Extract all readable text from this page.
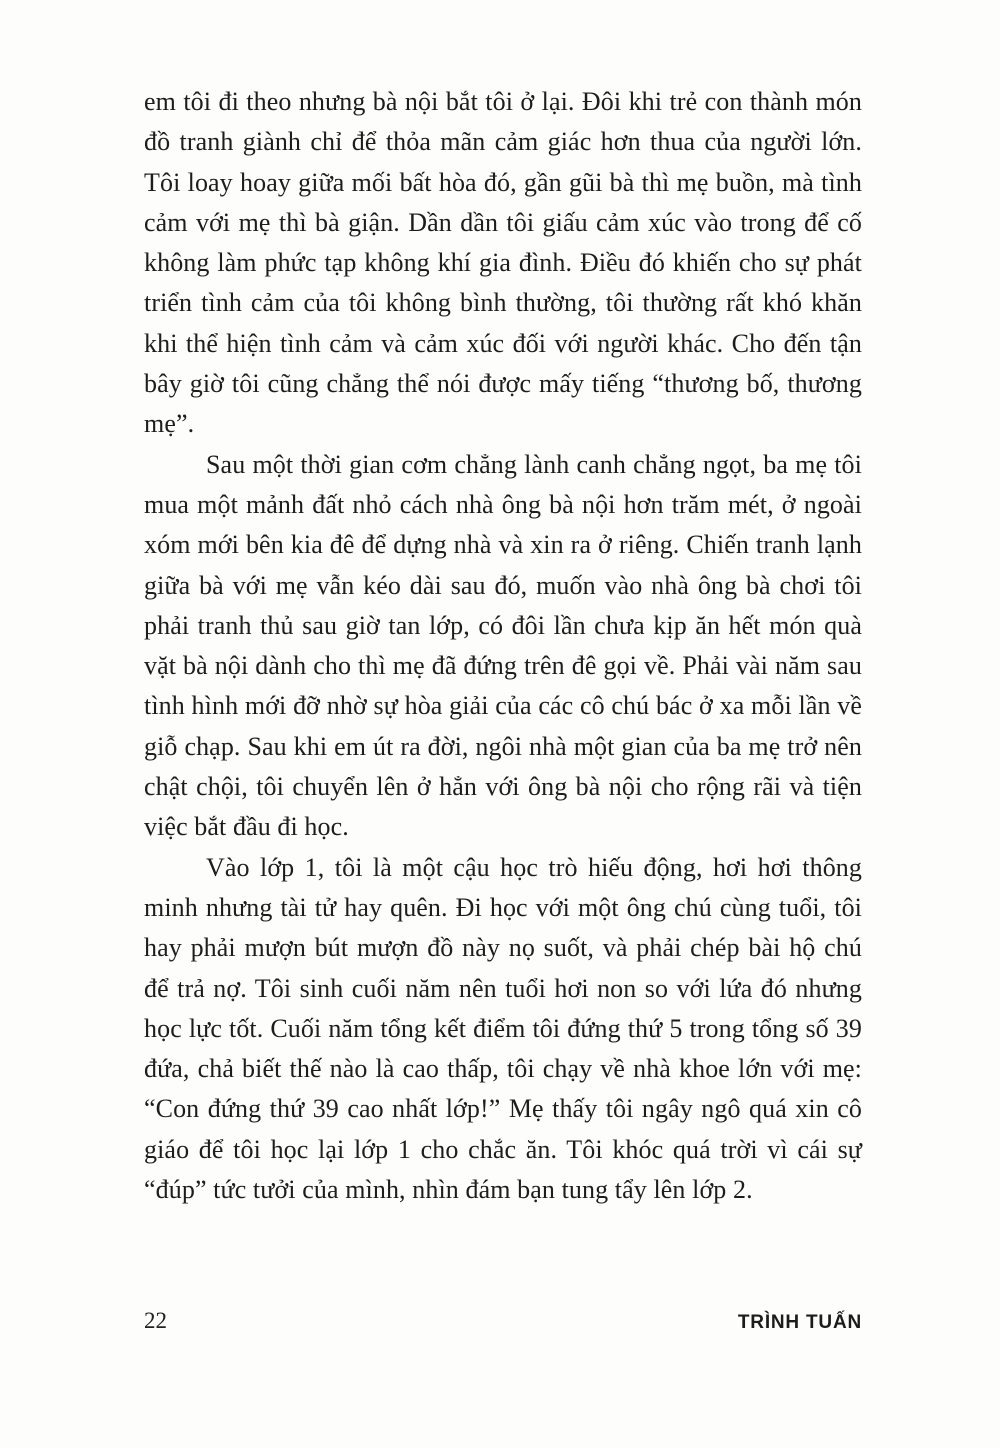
em tôi đi theo nhưng bà nội bắt tôi ở lại. Đôi khi trẻ con thành món đồ tranh giành chỉ để thỏa mãn cảm giác hơn thua của người lớn. Tôi loay hoay giữa mối bất hòa đó, gần gũi bà thì mẹ buồn, mà tình cảm với mẹ thì bà giận. Dần dần tôi giấu cảm xúc vào trong để cố không làm phức tạp không khí gia đình. Điều đó khiến cho sự phát triển tình cảm của tôi không bình thường, tôi thường rất khó khăn khi thể hiện tình cảm và cảm xúc đối với người khác. Cho đến tận bây giờ tôi cũng chẳng thể nói được mấy tiếng “thương bố, thương mẹ”.

Sau một thời gian cơm chẳng lành canh chẳng ngọt, ba mẹ tôi mua một mảnh đất nhỏ cách nhà ông bà nội hơn trăm mét, ở ngoài xóm mới bên kia đê để dựng nhà và xin ra ở riêng. Chiến tranh lạnh giữa bà với mẹ vẫn kéo dài sau đó, muốn vào nhà ông bà chơi tôi phải tranh thủ sau giờ tan lớp, có đôi lần chưa kịp ăn hết món quà vặt bà nội dành cho thì mẹ đã đứng trên đê gọi về. Phải vài năm sau tình hình mới đỡ nhờ sự hòa giải của các cô chú bác ở xa mỗi lần về giỗ chạp. Sau khi em út ra đời, ngôi nhà một gian của ba mẹ trở nên chật chội, tôi chuyển lên ở hẳn với ông bà nội cho rộng rãi và tiện việc bắt đầu đi học.

Vào lớp 1, tôi là một cậu học trò hiếu động, hơi hơi thông minh nhưng tài tử hay quên. Đi học với một ông chú cùng tuổi, tôi hay phải mượn bút mượn đồ này nọ suốt, và phải chép bài hộ chú để trả nợ. Tôi sinh cuối năm nên tuổi hơi non so với lứa đó nhưng học lực tốt. Cuối năm tổng kết điểm tôi đứng thứ 5 trong tổng số 39 đứa, chả biết thế nào là cao thấp, tôi chạy về nhà khoe lớn với mẹ: “Con đứng thứ 39 cao nhất lớp!” Mẹ thấy tôi ngây ngô quá xin cô giáo để tôi học lại lớp 1 cho chắc ăn. Tôi khóc quá trời vì cái sự “đúp” tức tưởi của mình, nhìn đám bạn tung tẩy lên lớp 2.

22	TRÌNH TUẤN
